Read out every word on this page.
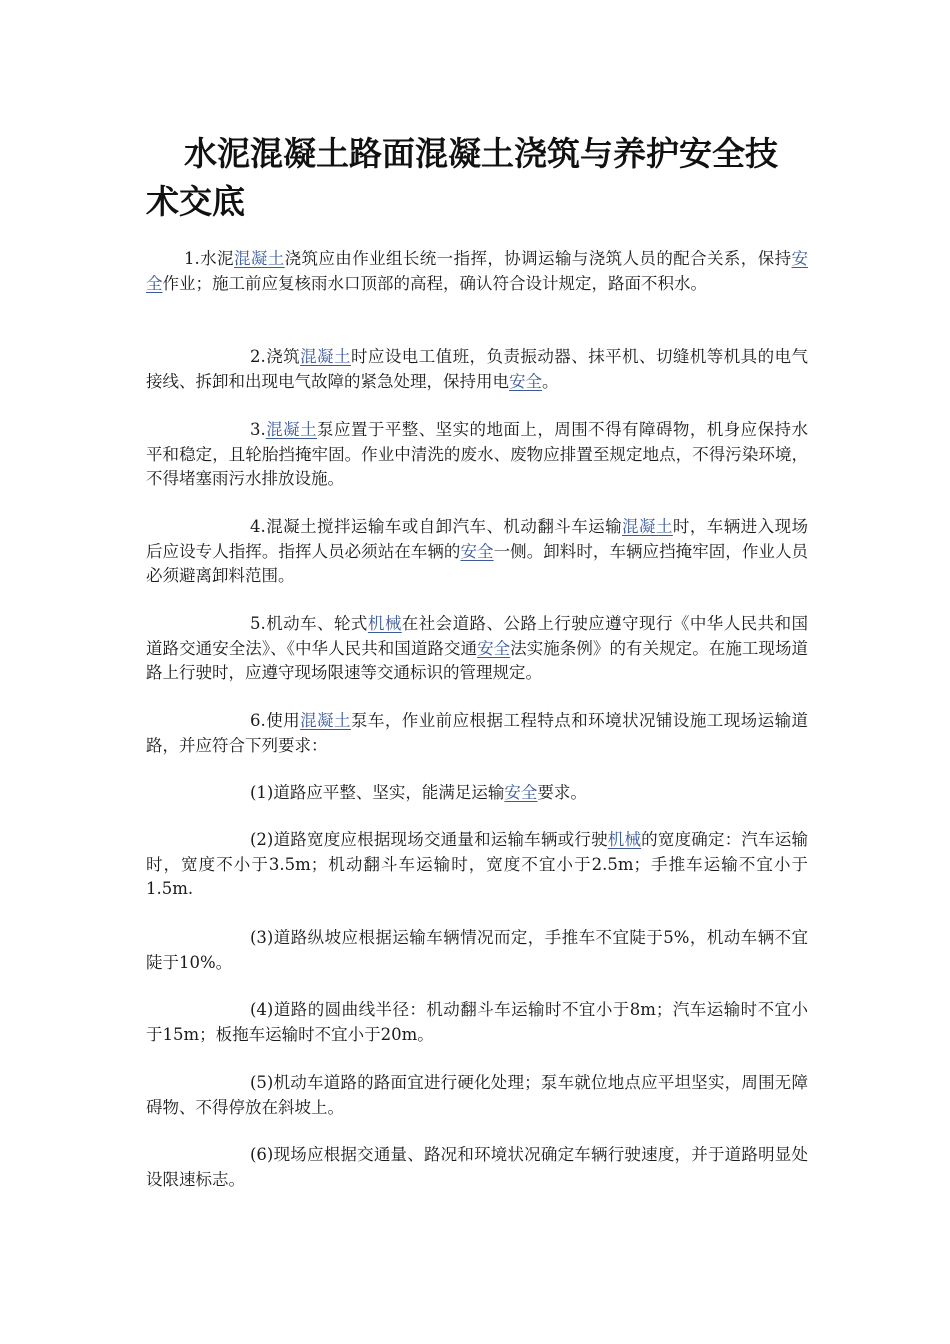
水泥混凝土路面混凝土浇筑与养护安全技术交底

1.水泥混凝土浇筑应由作业组长统一指挥，协调运输与浇筑人员的配合关系，保持安全作业；施工前应复核雨水口顶部的高程，确认符合设计规定，路面不积水。

2.浇筑混凝土时应设电工值班，负责振动器、抹平机、切缝机等机具的电气接线、拆卸和出现电气故障的紧急处理，保持用电安全。

3.混凝土泵应置于平整、坚实的地面上，周围不得有障碍物，机身应保持水平和稳定，且轮胎挡掩牢固。作业中清洗的废水、废物应排置至规定地点，不得污染环境，不得堵塞雨污水排放设施。

4.混凝土搅拌运输车或自卸汽车、机动翻斗车运输混凝土时，车辆进入现场后应设专人指挥。指挥人员必须站在车辆的安全一侧。卸料时，车辆应挡掩牢固，作业人员必须避离卸料范围。

5.机动车、轮式机械在社会道路、公路上行驶应遵守现行《中华人民共和国道路交通安全法》、《中华人民共和国道路交通安全法实施条例》的有关规定。在施工现场道路上行驶时，应遵守现场限速等交通标识的管理规定。

6.使用混凝土泵车，作业前应根据工程特点和环境状况铺设施工现场运输道路，并应符合下列要求：

(1)道路应平整、坚实，能满足运输安全要求。

(2)道路宽度应根据现场交通量和运输车辆或行驶机械的宽度确定：汽车运输时，宽度不小于3.5m；机动翻斗车运输时，宽度不宜小于2.5m；手推车运输不宜小于1.5m.

(3)道路纵坡应根据运输车辆情况而定，手推车不宜陡于5%，机动车辆不宜陡于10%。

(4)道路的圆曲线半径：机动翻斗车运输时不宜小于8m；汽车运输时不宜小于15m；板拖车运输时不宜小于20m。

(5)机动车道路的路面宜进行硬化处理；泵车就位地点应平坦坚实，周围无障碍物、不得停放在斜坡上。

(6)现场应根据交通量、路况和环境状况确定车辆行驶速度，并于道路明显处设限速标志。
